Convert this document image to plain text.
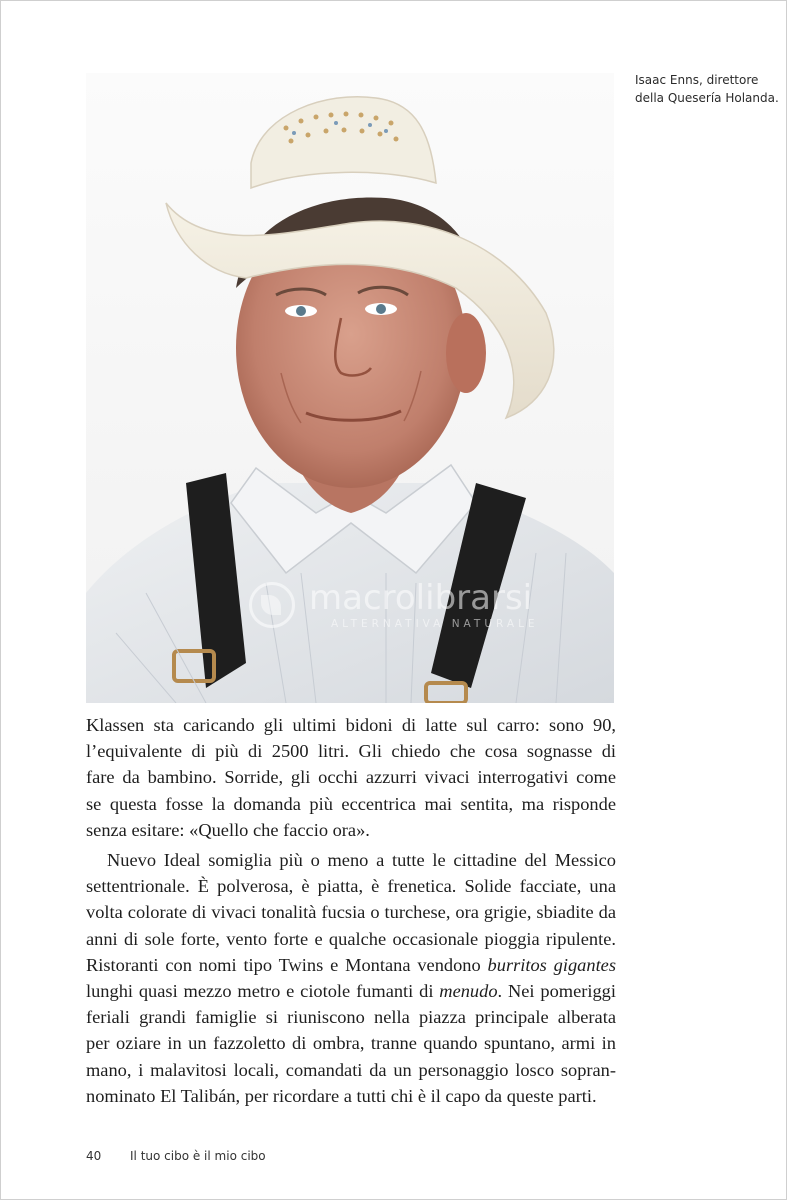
Isaac Enns, direttore
della Quesería Holanda.
macrolibrarsi
ALTERNATIVA NATURALE
Klassen sta caricando gli ultimi bidoni di latte sul carro: sono 90,
l’equivalente di più di 2500 litri. Gli chiedo che cosa sognasse di
fare da bambino. Sorride, gli occhi azzurri vivaci interrogativi come
se questa fosse la domanda più eccentrica mai sentita, ma risponde
senza esitare: «Quello che faccio ora».
Nuevo Ideal somiglia più o meno a tutte le cittadine del Messico
settentrionale. È polverosa, è piatta, è frenetica. Solide facciate, una
volta colorate di vivaci tonalità fucsia o turchese, ora grigie, sbiadite da
anni di sole forte, vento forte e qualche occasionale pioggia ripulente.
Ristoranti con nomi tipo Twins e Montana vendono burritos gigantes
lunghi quasi mezzo metro e ciotole fumanti di menudo. Nei pomeriggi
feriali grandi famiglie si riuniscono nella piazza principale alberata
per oziare in un fazzoletto di ombra, tranne quando spuntano, armi in
mano, i malavitosi locali, comandati da un personaggio losco sopran-
nominato El Talibán, per ricordare a tutti chi è il capo da queste parti.
40 Il tuo cibo è il mio cibo
